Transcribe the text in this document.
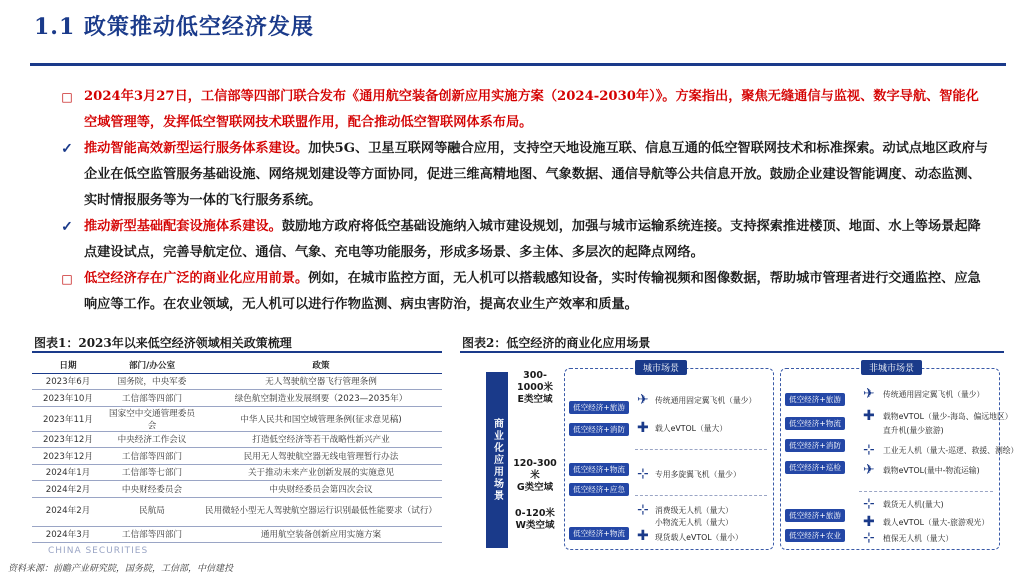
1.1 政策推动低空经济发展
□ 2024年3月27日，工信部等四部门联合发布《通用航空装备创新应用实施方案（2024-2030年）》。方案指出，聚焦无缝通信与监视、数字导航、智能化空域管理等，发挥低空智联网技术联盟作用，配合推动低空智联网体系布局。
✓ 推动智能高效新型运行服务体系建设。加快5G、卫星互联网等融合应用，支持空天地设施互联、信息互通的低空智联网技术和标准探索。动试点地区政府与企业在低空监管服务基础设施、网络规划建设等方面协同，促进三维高精地图、气象数据、通信导航等公共信息开放。鼓励企业建设智能调度、动态监测、实时情报服务等为一体的飞行服务系统。
✓ 推动新型基础配套设施体系建设。鼓励地方政府将低空基础设施纳入城市建设规划，加强与城市运输系统连接。支持探索推进楼顶、地面、水上等场景起降点建设试点，完善导航定位、通信、气象、充电等功能服务，形成多场景、多主体、多层次的起降点网络。
□ 低空经济存在广泛的商业化应用前景。例如，在城市监控方面，无人机可以搭载感知设备，实时传输视频和图像数据，帮助城市管理者进行交通监控、应急响应等工作。在农业领域，无人机可以进行作物监测、病虫害防治，提高农业生产效率和质量。
图表1：2023年以来低空经济领域相关政策梳理
日期	部门/办公室	政策
2023年6月	国务院，中央军委	无人驾驶航空器飞行管理条例
2023年10月	工信部等四部门	绿色航空制造业发展纲要（2023—2035年）
2023年11月	国家空中交通管理委员会	中华人民共和国空域管理条例(征求意见稿)
2023年12月	中央经济工作会议	打造低空经济等若干战略性新兴产业
2023年12月	工信部等四部门	民用无人驾驶航空器无线电管理暂行办法
2024年1月	工信部等七部门	关于推动未来产业创新发展的实施意见
2024年2月	中央财经委员会	中央财经委员会第四次会议
2024年2月	民航局	民用微轻小型无人驾驶航空器运行识别最低性能要求（试行）
2024年3月	工信部等四部门	通用航空装备创新应用实施方案
图表2：低空经济的商业化应用场景
商业化应用场景
300-1000米
E类空域
120-300米
G类空域
0-120米
W类空域
城市场景
低空经济+旅游
低空经济+消防
低空经济+物流
低空经济+应急
低空经济+物流
✈ 传统通用固定翼飞机（量少）
✚ 载人eVTOL（量大）
⊹ 专用多旋翼飞机（量少）
⊹ 消费级无人机（量大）
小物流无人机（量大）
✚ 现货载人eVTOL（量小）
非城市场景
低空经济+旅游
低空经济+物流
低空经济+消防
低空经济+巡检
低空经济+旅游
低空经济+农业
✈ 传统通用固定翼飞机（量少）
✚ 载物eVTOL（量少-海岛、偏远地区）
直升机(量少旅游)
⊹ 工业无人机（量大-巡逻、救援、测绘）
✈ 载物eVTOL(量中-物流运输)
⊹ 载货无人机(量大)
✚ 载人eVTOL（量大-旅游观光）
⊹ 植保无人机（量大）
CHINA SECURITIES
资料来源：前瞻产业研究院，国务院，工信部，中信建投
